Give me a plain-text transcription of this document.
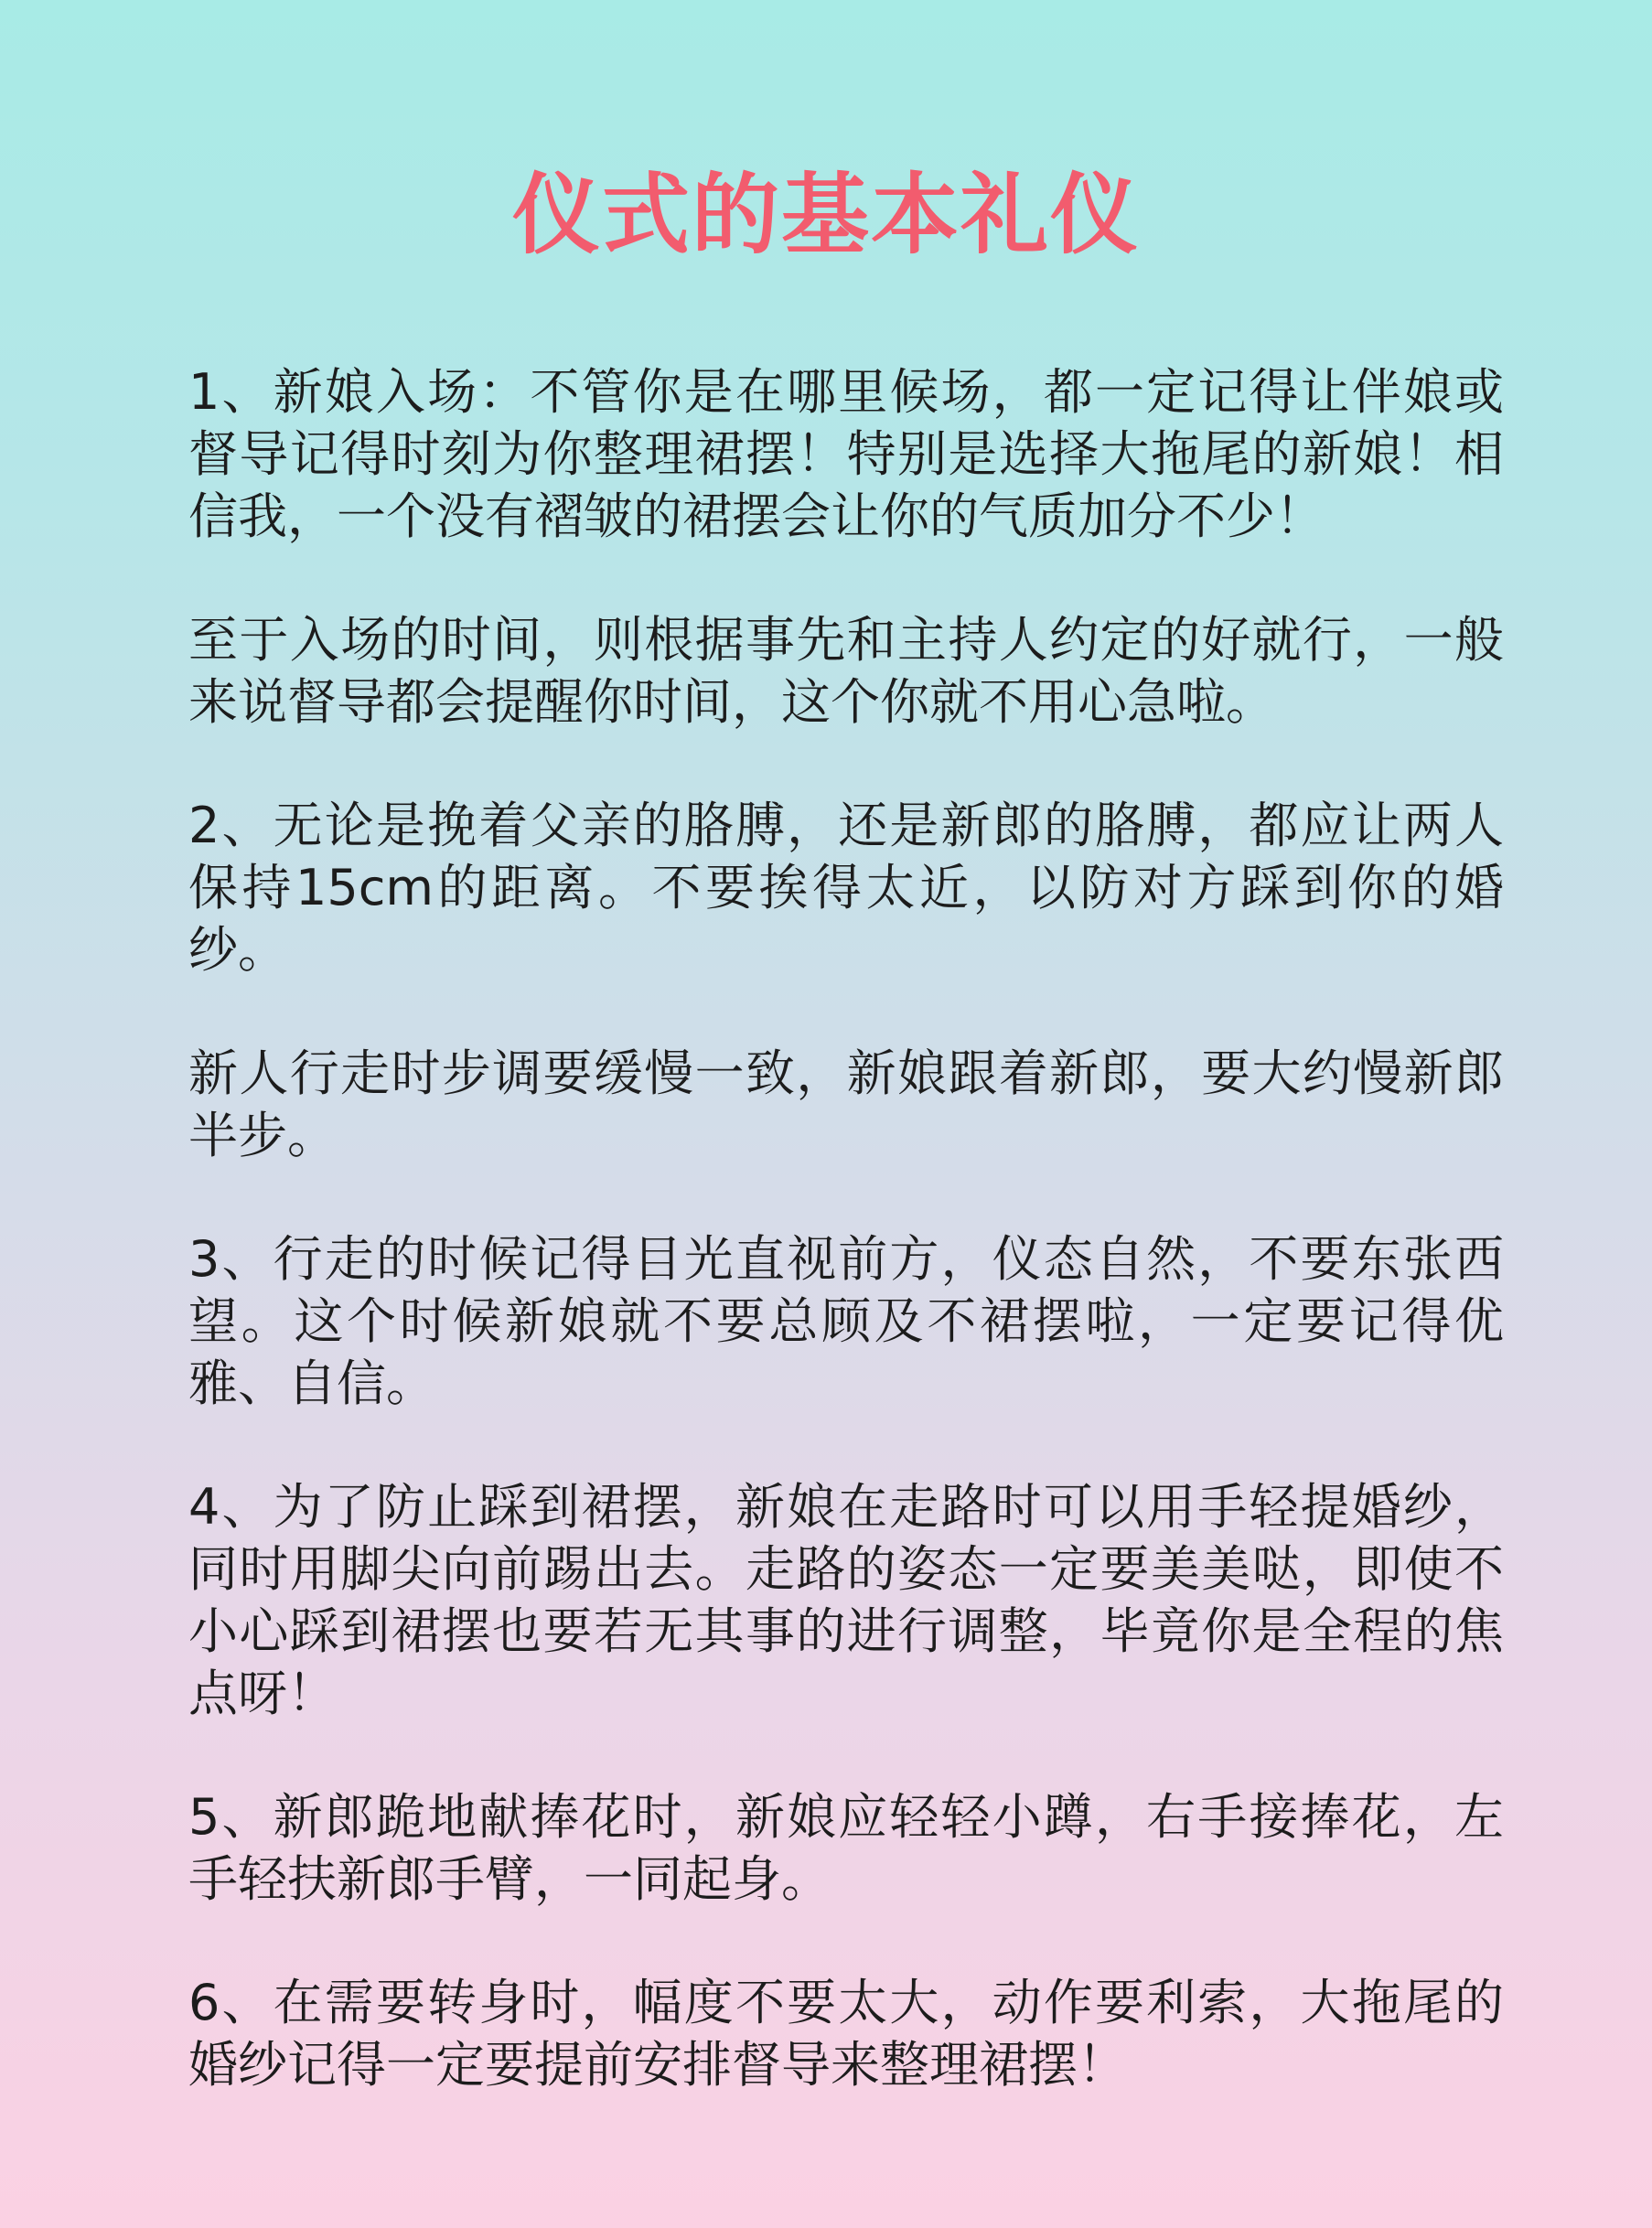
仪式的基本礼仪

1、新娘入场：不管你是在哪里候场，都一定记得让伴娘或督导记得时刻为你整理裙摆！特别是选择大拖尾的新娘！相信我，一个没有褶皱的裙摆会让你的气质加分不少！

至于入场的时间，则根据事先和主持人约定的好就行，一般来说督导都会提醒你时间，这个你就不用心急啦。

2、无论是挽着父亲的胳膊，还是新郎的胳膊，都应让两人保持15cm的距离。不要挨得太近，以防对方踩到你的婚纱。

新人行走时步调要缓慢一致，新娘跟着新郎，要大约慢新郎半步。

3、行走的时候记得目光直视前方，仪态自然，不要东张西望。这个时候新娘就不要总顾及不裙摆啦，一定要记得优雅、自信。

4、为了防止踩到裙摆，新娘在走路时可以用手轻提婚纱，同时用脚尖向前踢出去。走路的姿态一定要美美哒，即使不小心踩到裙摆也要若无其事的进行调整，毕竟你是全程的焦点呀！

5、新郎跪地献捧花时，新娘应轻轻小蹲，右手接捧花，左手轻扶新郎手臂，一同起身。

6、在需要转身时，幅度不要太大，动作要利索，大拖尾的婚纱记得一定要提前安排督导来整理裙摆！
